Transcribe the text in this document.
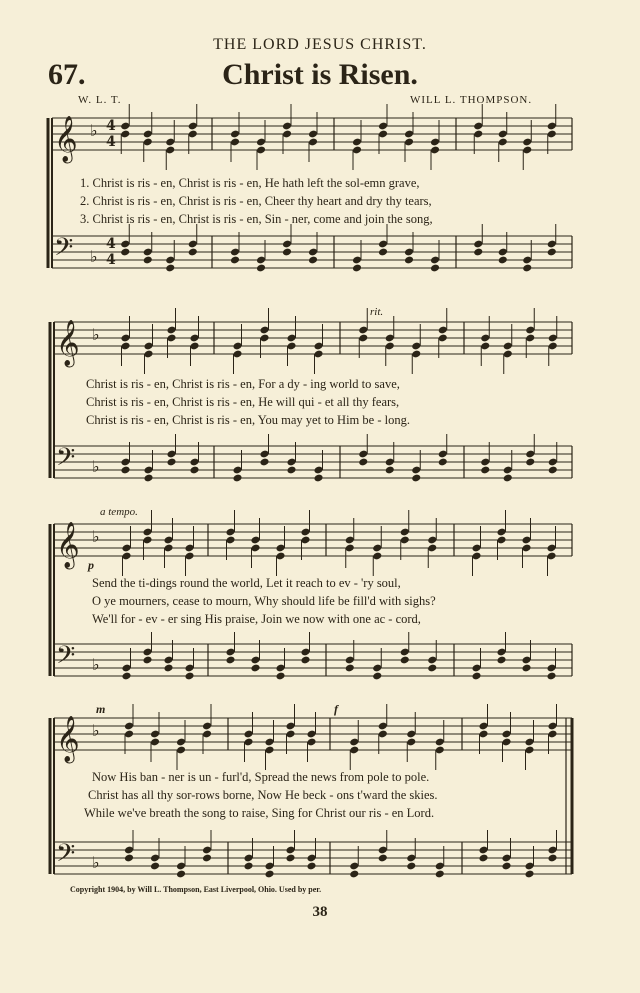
THE LORD JESUS CHRIST.
67.	Christ is Risen.
W. L. T.	WILL L. THOMPSON.
𝄞 ♭
𝄢 ♭
𝄞 ♭
𝄢 ♭
𝄞 ♭
𝄢 ♭
𝄞 ♭
𝄢 ♭
4
4
4
4
1. Christ is ris - en, Christ is ris - en, He hath left the sol-emn grave,
2. Christ is ris - en, Christ is ris - en, Cheer thy heart and dry thy tears,
3. Christ is ris - en, Christ is ris - en, Sin - ner, come and join the song,
Christ is ris - en, Christ is ris - en, For a dy - ing world to save,
Christ is ris - en, Christ is ris - en, He will qui - et all thy fears,
Christ is ris - en, Christ is ris - en, You may yet to Him be - long.
Send the ti-dings round the world, Let it reach to ev - 'ry soul,
O ye mourners, cease to mourn, Why should life be fill'd with sighs?
We'll for - ev - er sing His praise, Join we now with one ac - cord,
Now His ban - ner is un - furl'd, Spread the news from pole to pole.
Christ has all thy sor-rows borne, Now He beck - ons t'ward the skies.
While we've breath the song to raise, Sing for Christ our ris - en Lord.
rit.
a tempo.
p
m	f
Copyright 1904, by Will L. Thompson, East Liverpool, Ohio. Used by per.
38
